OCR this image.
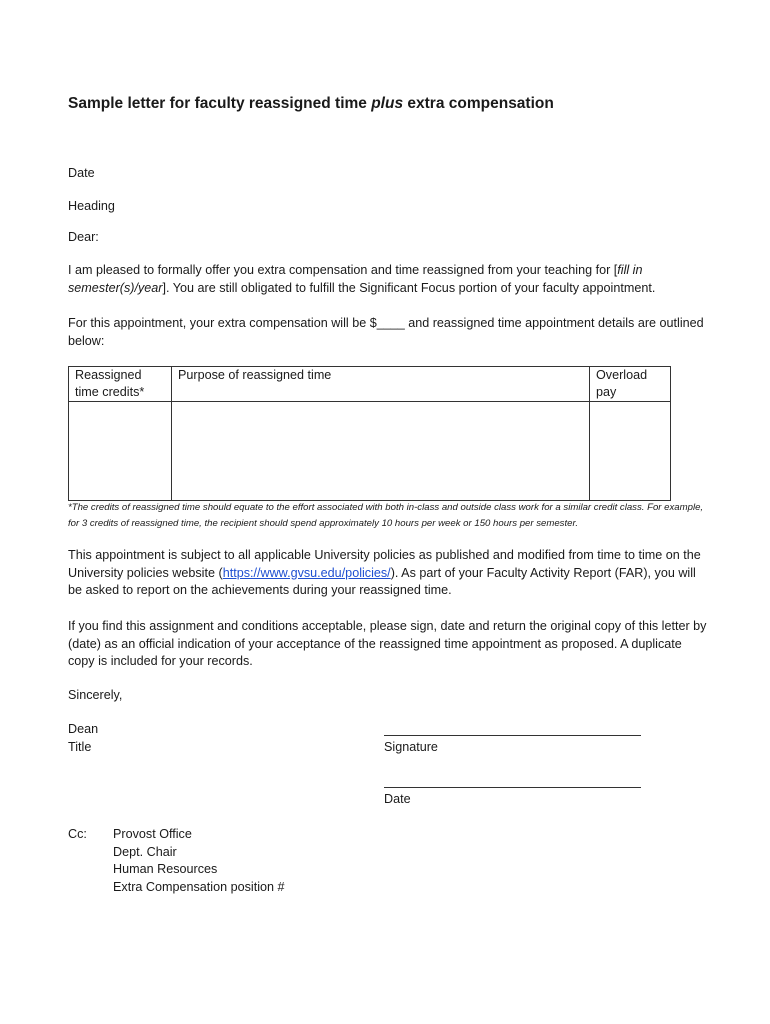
Sample letter for faculty reassigned time plus extra compensation
Date
Heading
Dear:
I am pleased to formally offer you extra compensation and time reassigned from your teaching for [fill in semester(s)/year]. You are still obligated to fulfill the Significant Focus portion of your faculty appointment.
For this appointment, your extra compensation will be $____ and reassigned time appointment details are outlined below:
Reassigned time credits*	Purpose of reassigned time	Overload pay

*The credits of reassigned time should equate to the effort associated with both in-class and outside class work for a similar credit class. For example, for 3 credits of reassigned time, the recipient should spend approximately 10 hours per week or 150 hours per semester.
This appointment is subject to all applicable University policies as published and modified from time to time on the University policies website (https://www.gvsu.edu/policies/). As part of your Faculty Activity Report (FAR), you will be asked to report on the achievements during your reassigned time.
If you find this assignment and conditions acceptable, please sign, date and return the original copy of this letter by (date) as an official indication of your acceptance of the reassigned time appointment as proposed. A duplicate copy is included for your records.
Sincerely,
Dean
Title	Signature
Date
Cc: Provost Office
Dept. Chair
Human Resources
Extra Compensation position #
